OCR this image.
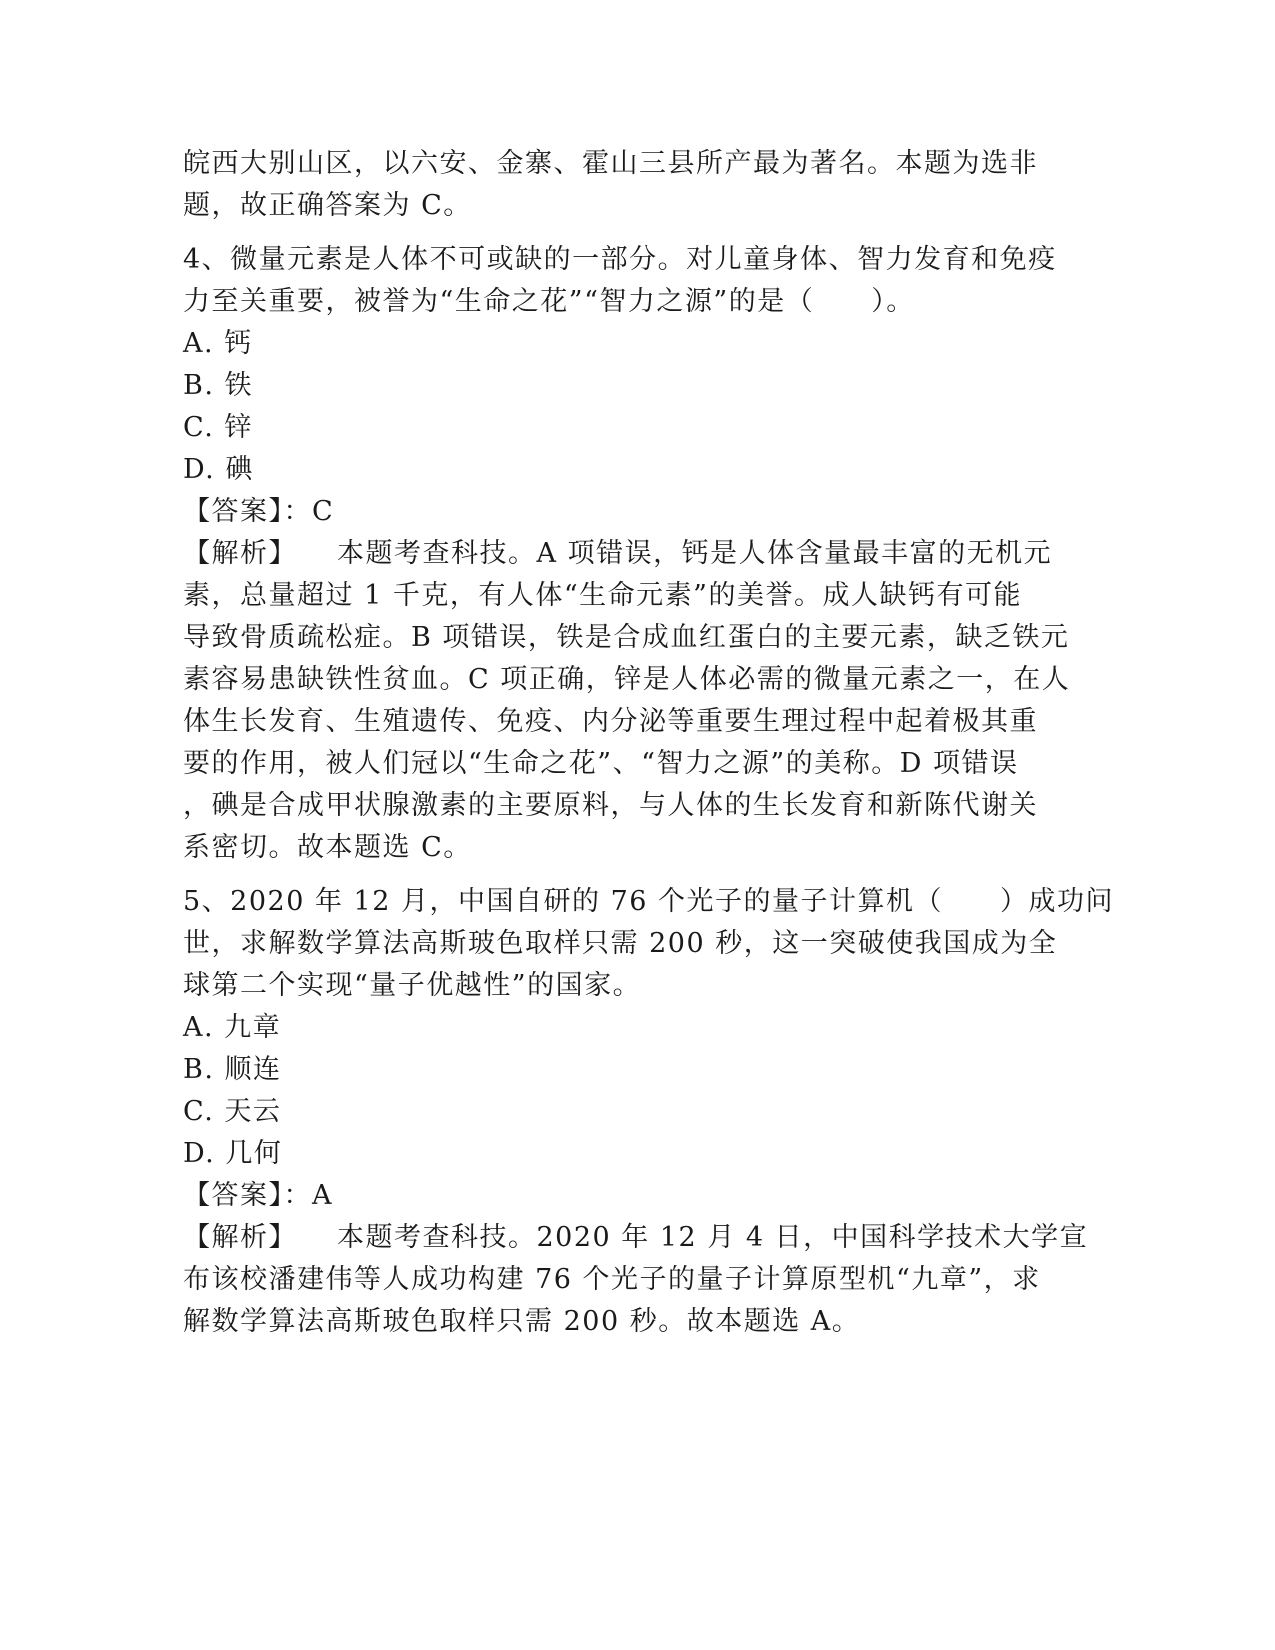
皖西大别山区，以六安、金寨、霍山三县所产最为著名。本题为选非
题，故正确答案为 C。
4、微量元素是人体不可或缺的一部分。对儿童身体、智力发育和免疫
力至关重要，被誉为“生命之花”“智力之源”的是（　　）。
A. 钙
B. 铁
C. 锌
D. 碘
【答案】：C
【解析】 本题考查科技。A 项错误，钙是人体含量最丰富的无机元
素，总量超过 1 千克，有人体“生命元素”的美誉。成人缺钙有可能
导致骨质疏松症。B 项错误，铁是合成血红蛋白的主要元素，缺乏铁元
素容易患缺铁性贫血。C 项正确，锌是人体必需的微量元素之一，在人
体生长发育、生殖遗传、免疫、内分泌等重要生理过程中起着极其重
要的作用，被人们冠以“生命之花”、“智力之源”的美称。D 项错误
，碘是合成甲状腺激素的主要原料，与人体的生长发育和新陈代谢关
系密切。故本题选 C。
5、2020 年 12 月，中国自研的 76 个光子的量子计算机（　　）成功问
世，求解数学算法高斯玻色取样只需 200 秒，这一突破使我国成为全
球第二个实现“量子优越性”的国家。
A. 九章
B. 顺连
C. 天云
D. 几何
【答案】：A
【解析】 本题考查科技。2020 年 12 月 4 日，中国科学技术大学宣
布该校潘建伟等人成功构建 76 个光子的量子计算原型机“九章”，求
解数学算法高斯玻色取样只需 200 秒。故本题选 A。
